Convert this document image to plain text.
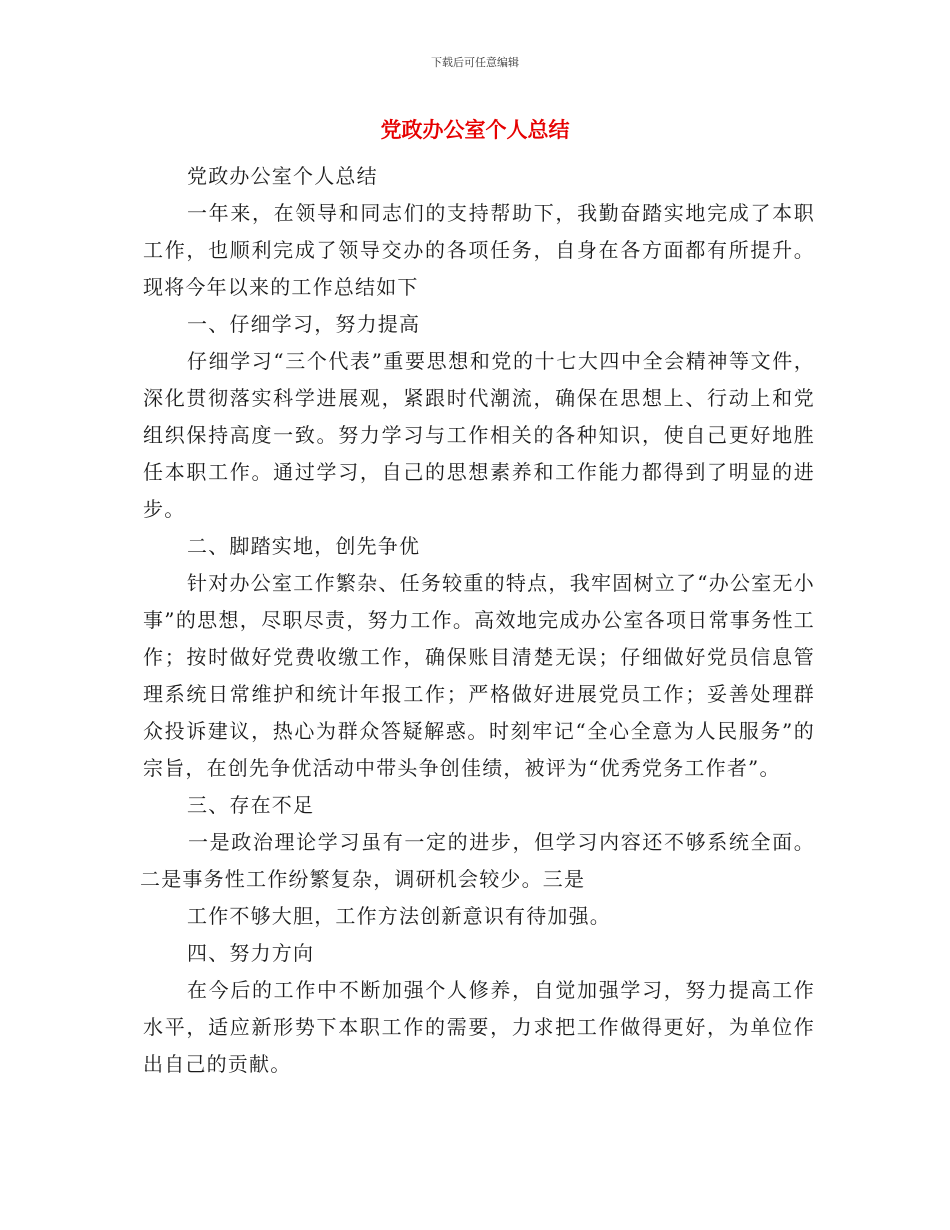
下载后可任意编辑
党政办公室个人总结

党政办公室个人总结

一年来，在领导和同志们的支持帮助下，我勤奋踏实地完成了本职工作，也顺利完成了领导交办的各项任务，自身在各方面都有所提升。现将今年以来的工作总结如下

一、仔细学习，努力提高

仔细学习“三个代表”重要思想和党的十七大四中全会精神等文件，深化贯彻落实科学进展观，紧跟时代潮流，确保在思想上、行动上和党组织保持高度一致。努力学习与工作相关的各种知识，使自己更好地胜任本职工作。通过学习，自己的思想素养和工作能力都得到了明显的进步。

二、脚踏实地，创先争优

针对办公室工作繁杂、任务较重的特点，我牢固树立了“办公室无小事”的思想，尽职尽责，努力工作。高效地完成办公室各项日常事务性工作；按时做好党费收缴工作，确保账目清楚无误；仔细做好党员信息管理系统日常维护和统计年报工作；严格做好进展党员工作；妥善处理群众投诉建议，热心为群众答疑解惑。时刻牢记“全心全意为人民服务”的宗旨，在创先争优活动中带头争创佳绩，被评为“优秀党务工作者”。

三、存在不足

一是政治理论学习虽有一定的进步，但学习内容还不够系统全面。二是事务性工作纷繁复杂，调研机会较少。三是

工作不够大胆，工作方法创新意识有待加强。

四、努力方向

在今后的工作中不断加强个人修养，自觉加强学习，努力提高工作水平，适应新形势下本职工作的需要，力求把工作做得更好，为单位作出自己的贡献。
